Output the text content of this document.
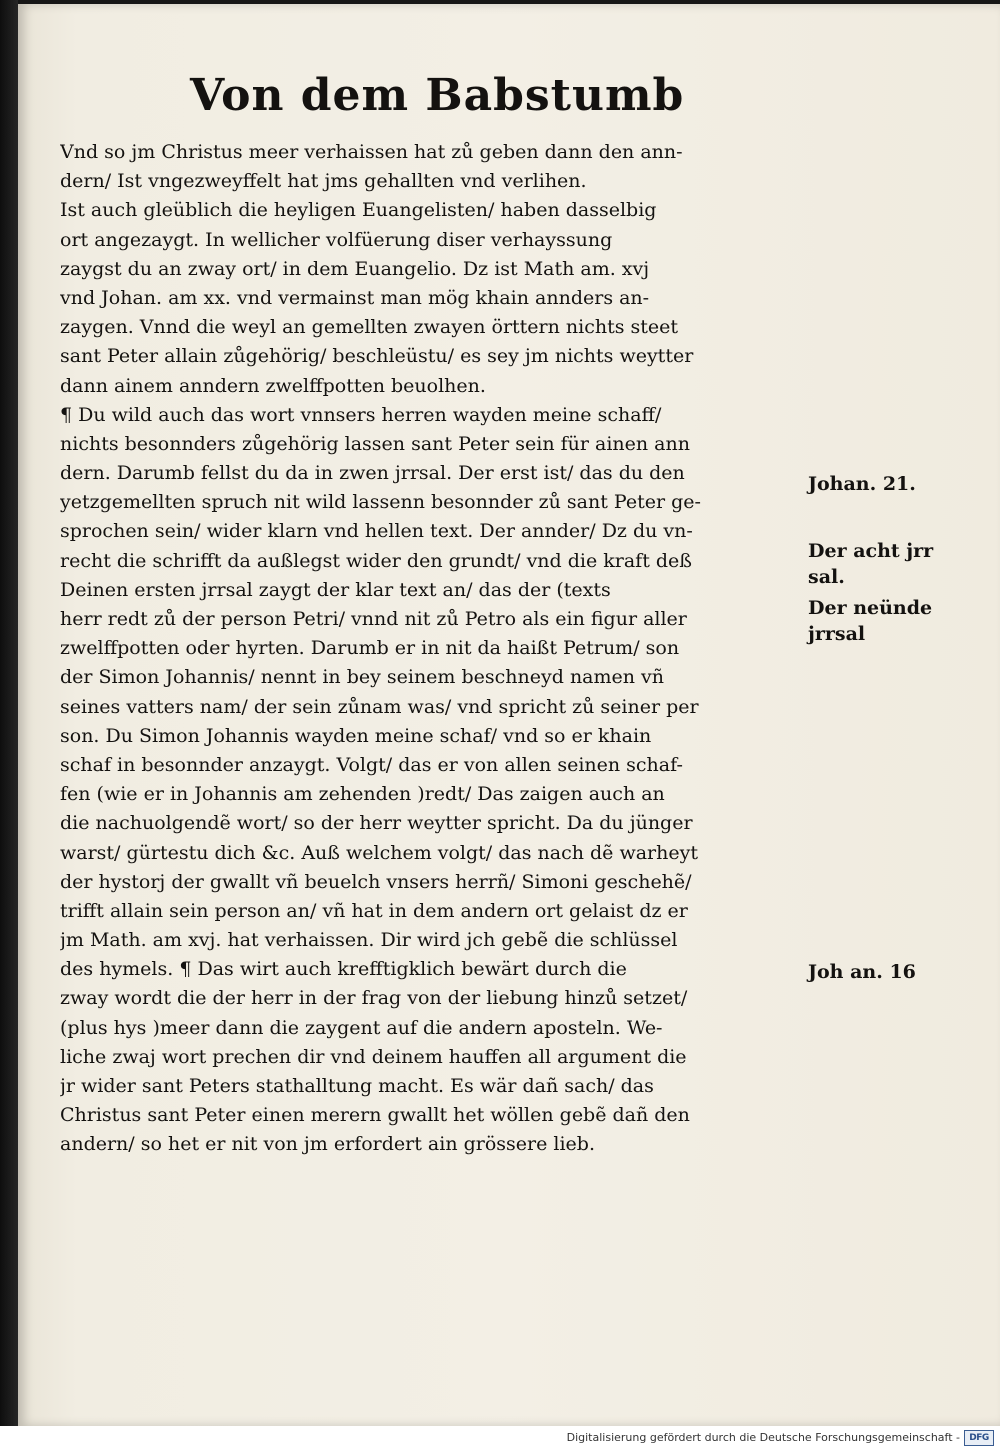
Von dem Babstumb
Vnd so jm Christus meer verhaissen hat zů geben dann den ann-
dern/ Ist vngezweyffelt hat jms gehallten vnd verlihen.
Ist auch gleüblich die heyligen Euangelisten/ haben dasselbig
ort angezaygt. In wellicher volfüerung diser verhayssung
zaygst du an zway ort/ in dem Euangelio. Dz ist Math am. xvj
vnd Johan. am xx. vnd vermainst man mög khain annders an-
zaygen. Vnnd die weyl an gemellten zwayen örttern nichts steet
sant Peter allain zůgehörig/ beschleüstu/ es sey jm nichts weytter
dann ainem anndern zwelffpotten beuolhen.
¶ Du wild auch das wort vnnsers herren wayden meine schaff/
nichts besonnders zůgehörig lassen sant Peter sein für ainen ann
dern. Darumb fellst du da in zwen jrrsal. Der erst ist/ das du den
yetzgemellten spruch nit wild lassenn besonnder zů sant Peter ge-
sprochen sein/ wider klarn vnd hellen text. Der annder/ Dz du vn-
recht die schrifft da außlegst wider den grundt/ vnd die kraft deß
Deinen ersten jrrsal zaygt der klar text an/ das der (texts
herr redt zů der person Petri/ vnnd nit zů Petro als ein figur aller
zwelffpotten oder hyrten. Darumb er in nit da haißt Petrum/ son
der Simon Johannis/ nennt in bey seinem beschneyd namen vñ
seines vatters nam/ der sein zůnam was/ vnd spricht zů seiner per
son. Du Simon Johannis wayden meine schaf/ vnd so er khain
schaf in besonnder anzaygt. Volgt/ das er von allen seinen schaf-
fen (wie er in Johannis am zehenden )redt/ Das zaigen auch an
die nachuolgendẽ wort/ so der herr weytter spricht. Da du jünger
warst/ gürtestu dich &c. Auß welchem volgt/ das nach dẽ warheyt
der hystorj der gwallt vñ beuelch vnsers herrñ/ Simoni geschehẽ/
trifft allain sein person an/ vñ hat in dem andern ort gelaist dz er
jm Math. am xvj. hat verhaissen. Dir wird jch gebẽ die schlüssel
des hymels. ¶ Das wirt auch krefftigklich bewärt durch die
zway wordt die der herr in der frag von der liebung hinzů setzet/
(plus hys )meer dann die zaygent auf die andern aposteln. We-
liche zwaj wort prechen dir vnd deinem hauffen all argument die
jr wider sant Peters stathalltung macht. Es wär dañ sach/ das
Christus sant Peter einen merern gwallt het wöllen gebẽ dañ den
andern/ so het er nit von jm erfordert ain grössere lieb.
Johan. 21.
Der acht jrr
sal.
Der neünde
jrrsal
Joh an. 16
Digitalisierung gefördert durch die Deutsche Forschungsgemeinschaft -	DFG
